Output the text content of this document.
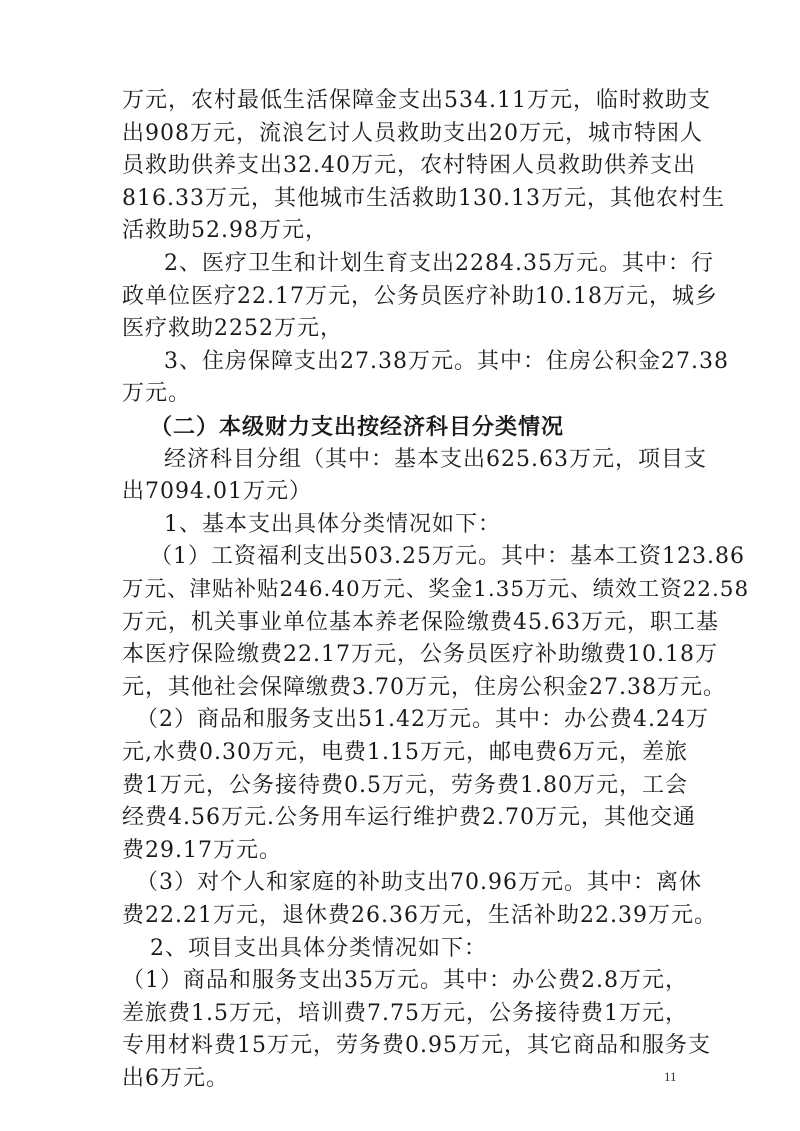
万元，农村最低生活保障金支出534.11万元，临时救助支
出908万元，流浪乞讨人员救助支出20万元，城市特困人
员救助供养支出32.40万元，农村特困人员救助供养支出
816.33万元，其他城市生活救助130.13万元，其他农村生
活救助52.98万元，
2、医疗卫生和计划生育支出2284.35万元。其中：行
政单位医疗22.17万元，公务员医疗补助10.18万元，城乡
医疗救助2252万元，
3、住房保障支出27.38万元。其中：住房公积金27.38
万元。
（二）本级财力支出按经济科目分类情况
经济科目分组（其中：基本支出625.63万元，项目支
出7094.01万元）
1、基本支出具体分类情况如下：
（1）工资福利支出503.25万元。其中：基本工资123.86
万元、津贴补贴246.40万元、奖金1.35万元、绩效工资22.58
万元，机关事业单位基本养老保险缴费45.63万元，职工基
本医疗保险缴费22.17万元，公务员医疗补助缴费10.18万
元，其他社会保障缴费3.70万元，住房公积金27.38万元。
（2）商品和服务支出51.42万元。其中：办公费4.24万
元,水费0.30万元，电费1.15万元，邮电费6万元，差旅
费1万元，公务接待费0.5万元，劳务费1.80万元，工会
经费4.56万元.公务用车运行维护费2.70万元，其他交通
费29.17万元。
（3）对个人和家庭的补助支出70.96万元。其中：离休
费22.21万元，退休费26.36万元，生活补助22.39万元。
2、项目支出具体分类情况如下：
（1）商品和服务支出35万元。其中：办公费2.8万元，
差旅费1.5万元，培训费7.75万元，公务接待费1万元，
11
专用材料费15万元，劳务费0.95万元，其它商品和服务支
出6万元。
